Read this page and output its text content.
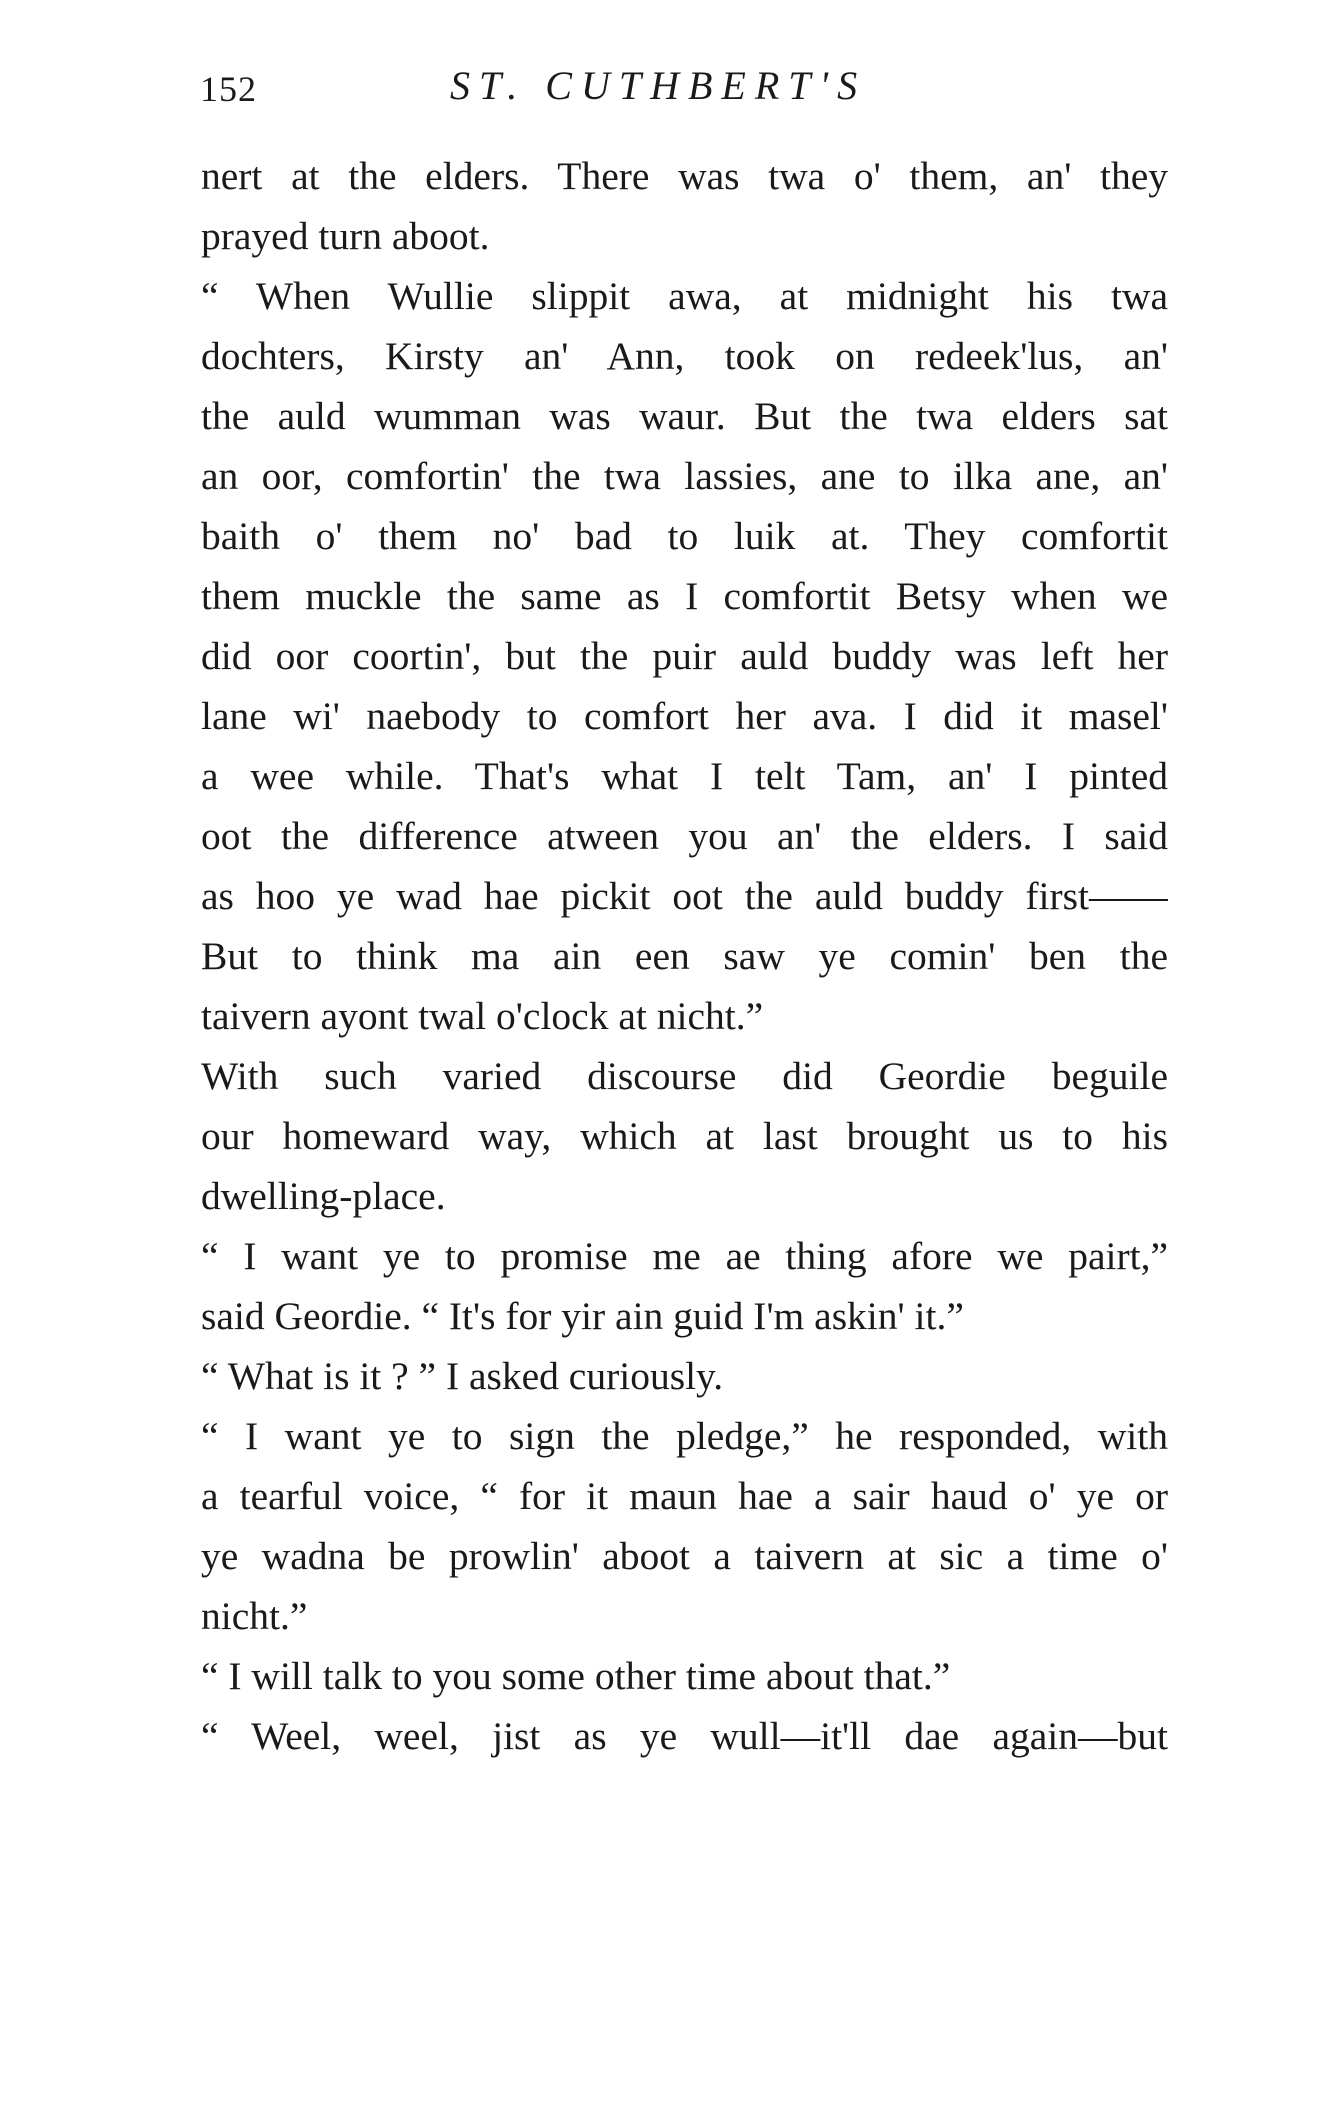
152	ST. CUTHBERT'S
nert at the elders. There was twa o' them, an' they
prayed turn aboot.
“ When Wullie slippit awa, at midnight his twa
dochters, Kirsty an' Ann, took on redeek'lus, an'
the auld wumman was waur. But the twa elders sat
an oor, comfortin' the twa lassies, ane to ilka ane, an'
baith o' them no' bad to luik at. They comfortit
them muckle the same as I comfortit Betsy when we
did oor coortin', but the puir auld buddy was left her
lane wi' naebody to comfort her ava. I did it masel'
a wee while. That's what I telt Tam, an' I pinted
oot the difference atween you an' the elders. I said
as hoo ye wad hae pickit oot the auld buddy first——
But to think ma ain een saw ye comin' ben the
taivern ayont twal o'clock at nicht.”
With such varied discourse did Geordie beguile
our homeward way, which at last brought us to his
dwelling-place.
“ I want ye to promise me ae thing afore we pairt,”
said Geordie. “ It's for yir ain guid I'm askin' it.”
“ What is it ? ” I asked curiously.
“ I want ye to sign the pledge,” he responded, with
a tearful voice, “ for it maun hae a sair haud o' ye or
ye wadna be prowlin' aboot a taivern at sic a time o'
nicht.”
“ I will talk to you some other time about that.”
“ Weel, weel, jist as ye wull—it'll dae again—but
